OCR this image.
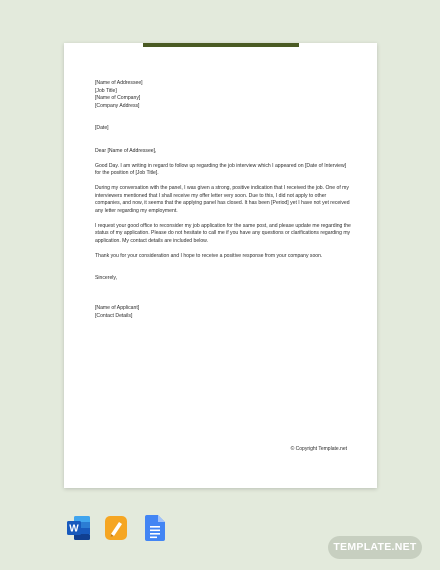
[Name of Addressee]

[Job Title]

[Name of Company]

[Company Address]

[Date]

Dear [Name of Addressee],

Good Day. I am writing in regard to follow up regarding the job interview which I appeared on [Date of Interview] for the position of [Job Title].

During my conversation with the panel, I was given a strong, positive indication that I received the job. One of my interviewers mentioned that I shall receive my offer letter very soon. Due to this, I did not apply to other companies, and now, it seems that the applying panel has closed. It has been [Period] yet I have not yet received any letter regarding my employment.

I request your good office to reconsider my job application for the same post, and please update me regarding the status of my application. Please do not hesitate to call me if you have any questions or clarifications regarding my application. My contact details are included below.

Thank you for your consideration and I hope to receive a positive response from your company soon.

Sincerely,

[Name of Applicant]

[Contact Details]

© Copyright Template.net
W
TEMPLATE.NET
